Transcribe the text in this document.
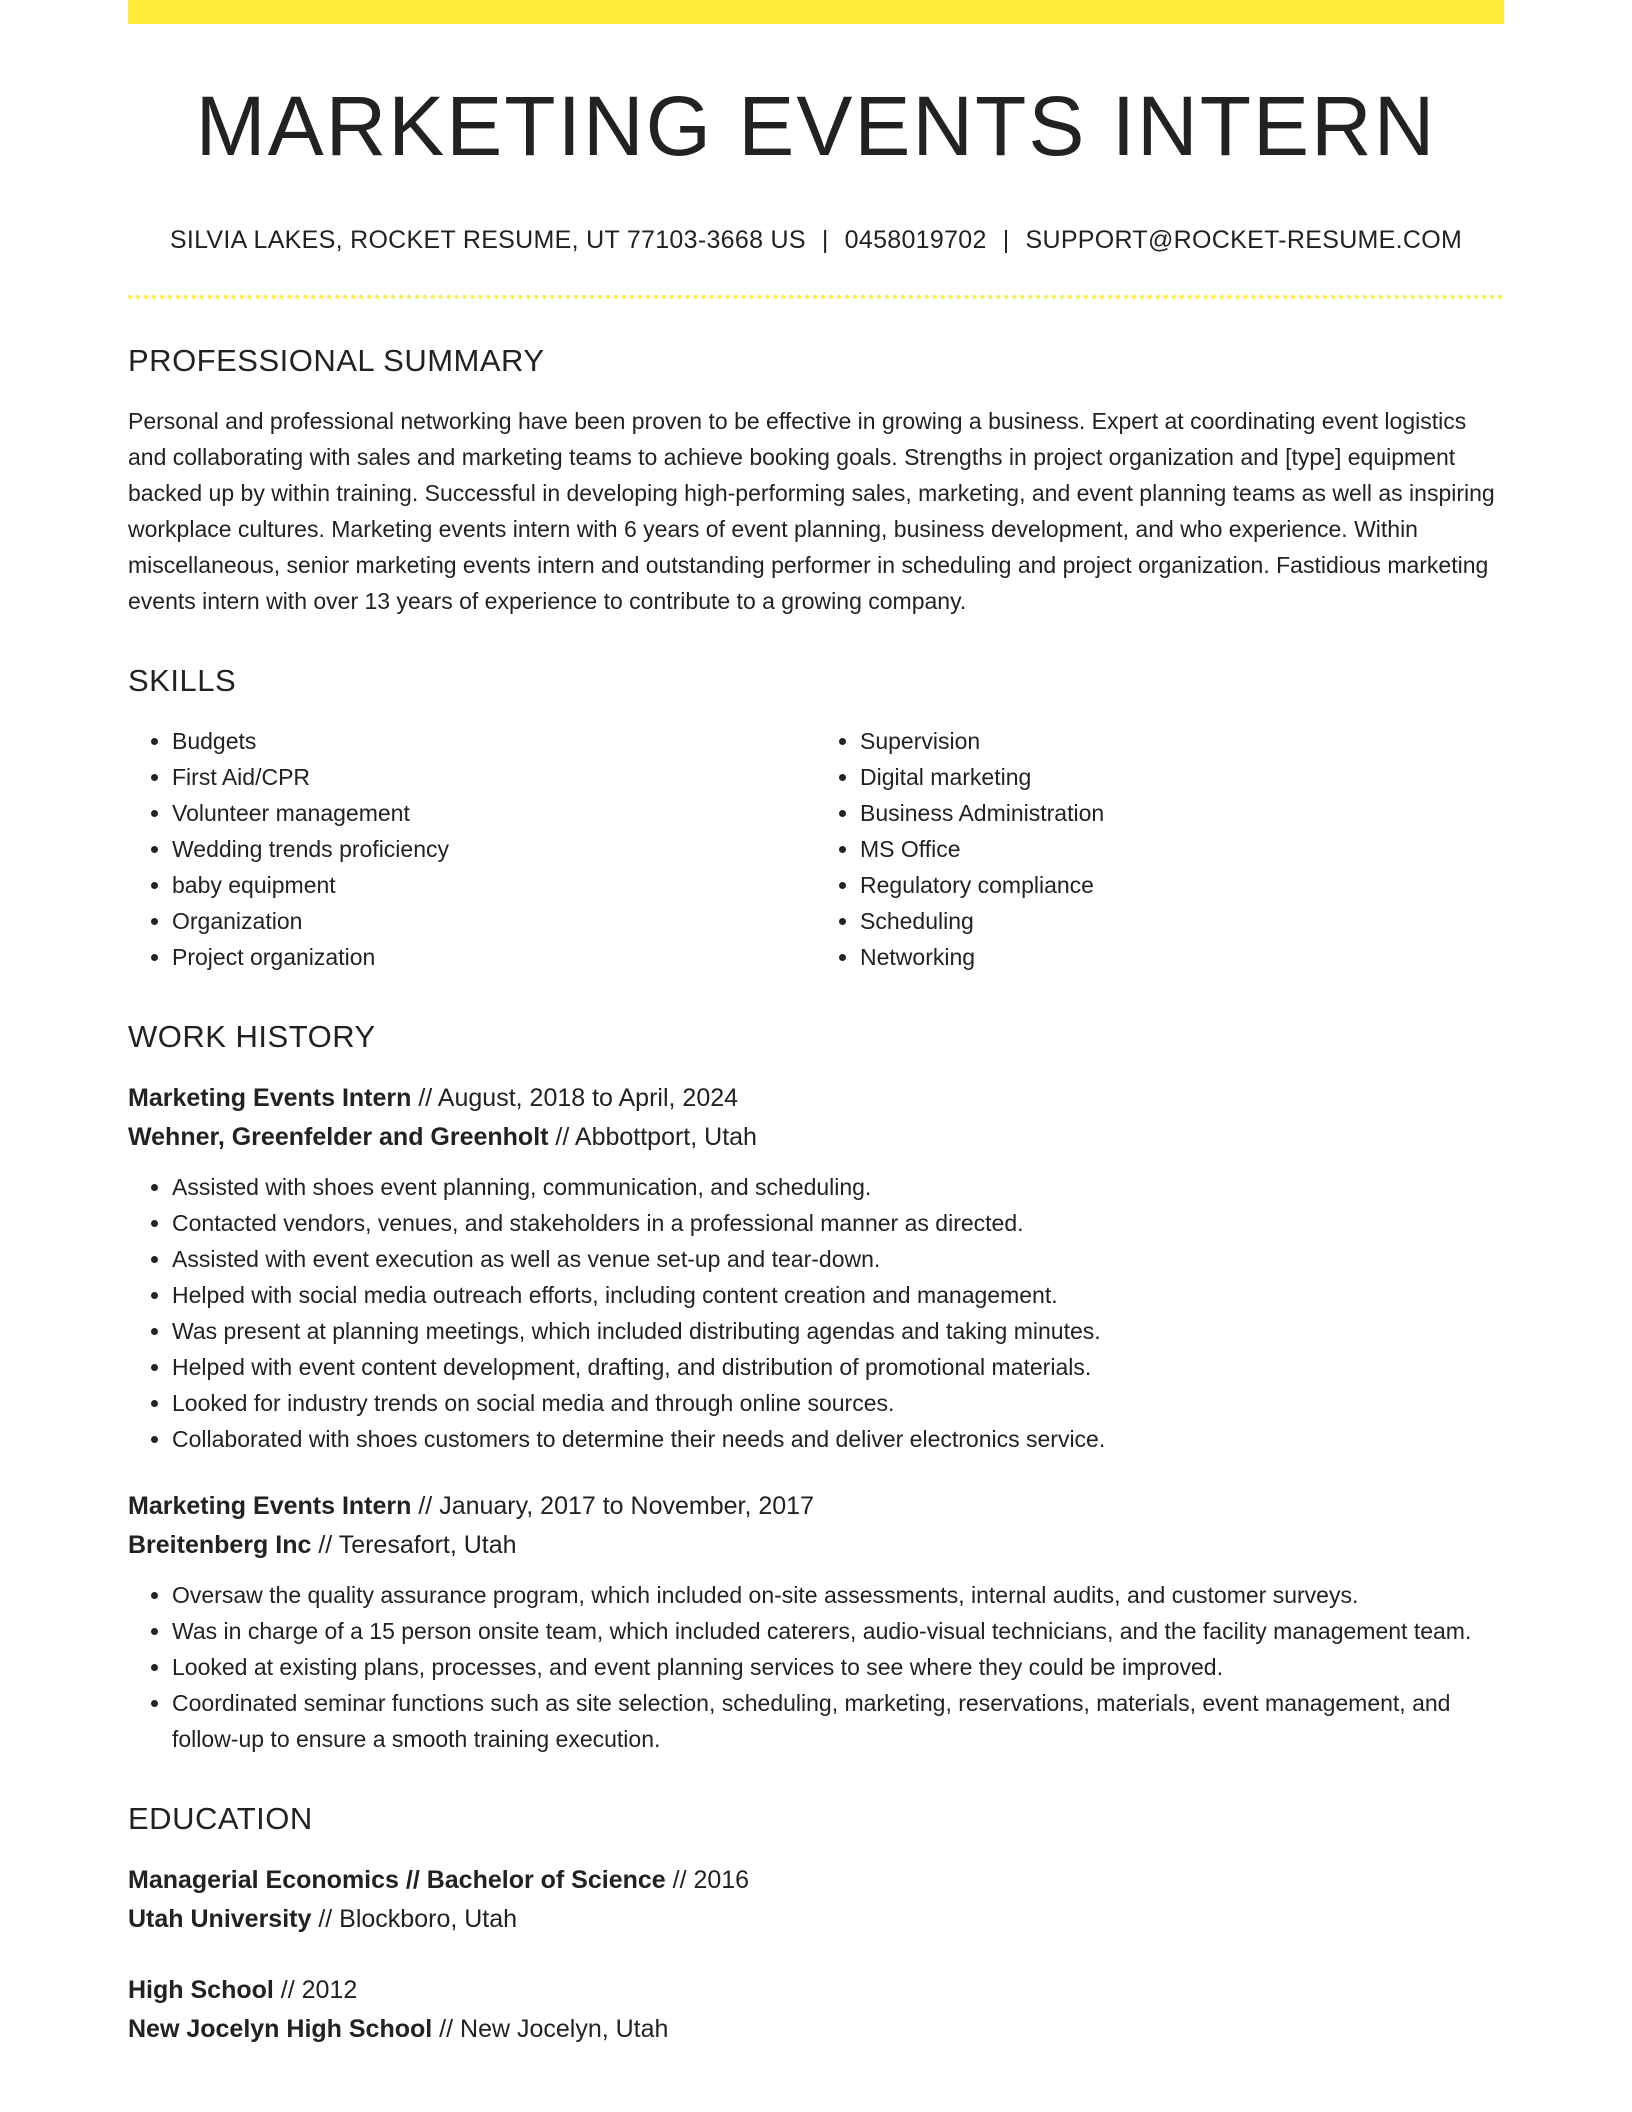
MARKETING EVENTS INTERN
SILVIA LAKES, ROCKET RESUME, UT 77103-3668 US | 0458019702 | SUPPORT@ROCKET-RESUME.COM
PROFESSIONAL SUMMARY
Personal and professional networking have been proven to be effective in growing a business. Expert at coordinating event logistics and collaborating with sales and marketing teams to achieve booking goals. Strengths in project organization and [type] equipment backed up by within training. Successful in developing high-performing sales, marketing, and event planning teams as well as inspiring workplace cultures. Marketing events intern with 6 years of event planning, business development, and who experience. Within miscellaneous, senior marketing events intern and outstanding performer in scheduling and project organization. Fastidious marketing events intern with over 13 years of experience to contribute to a growing company.
SKILLS
• Budgets
• First Aid/CPR
• Volunteer management
• Wedding trends proficiency
• baby equipment
• Organization
• Project organization
• Supervision
• Digital marketing
• Business Administration
• MS Office
• Regulatory compliance
• Scheduling
• Networking
WORK HISTORY
Marketing Events Intern // August, 2018 to April, 2024
Wehner, Greenfelder and Greenholt // Abbottport, Utah
• Assisted with shoes event planning, communication, and scheduling.
• Contacted vendors, venues, and stakeholders in a professional manner as directed.
• Assisted with event execution as well as venue set-up and tear-down.
• Helped with social media outreach efforts, including content creation and management.
• Was present at planning meetings, which included distributing agendas and taking minutes.
• Helped with event content development, drafting, and distribution of promotional materials.
• Looked for industry trends on social media and through online sources.
• Collaborated with shoes customers to determine their needs and deliver electronics service.
Marketing Events Intern // January, 2017 to November, 2017
Breitenberg Inc // Teresafort, Utah
• Oversaw the quality assurance program, which included on-site assessments, internal audits, and customer surveys.
• Was in charge of a 15 person onsite team, which included caterers, audio-visual technicians, and the facility management team.
• Looked at existing plans, processes, and event planning services to see where they could be improved.
• Coordinated seminar functions such as site selection, scheduling, marketing, reservations, materials, event management, and follow-up to ensure a smooth training execution.
EDUCATION
Managerial Economics // Bachelor of Science // 2016
Utah University // Blockboro, Utah
High School // 2012
New Jocelyn High School // New Jocelyn, Utah
